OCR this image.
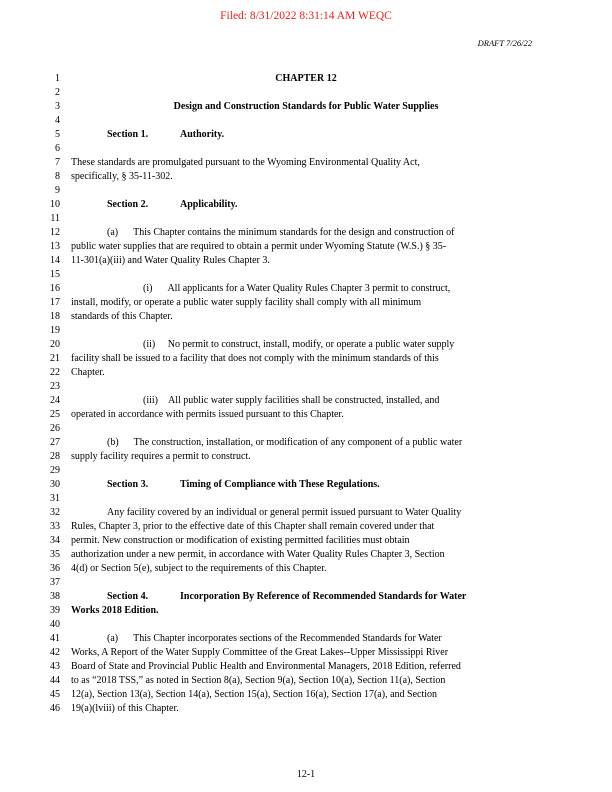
Filed: 8/31/2022 8:31:14 AM WEQC
DRAFT 7/26/22
1
2
3
4
5
6
7
8
9
10
11
12
13
14
15
16
17
18
19
20
21
22
23
24
25
26
27
28
29
30
31
32
33
34
35
36
37
38
39
40
41
42
43
44
45
46
CHAPTER 12
Design and Construction Standards for Public Water Supplies
Section 1.	Authority.
These standards are promulgated pursuant to the Wyoming Environmental Quality Act,
specifically, § 35-11-302.
Section 2.	Applicability.
(a)      This Chapter contains the minimum standards for the design and construction of
public water supplies that are required to obtain a permit under Wyoming Statute (W.S.) § 35-
11-301(a)(iii) and Water Quality Rules Chapter 3.
(i)      All applicants for a Water Quality Rules Chapter 3 permit to construct,
install, modify, or operate a public water supply facility shall comply with all minimum
standards of this Chapter.
(ii)     No permit to construct, install, modify, or operate a public water supply
facility shall be issued to a facility that does not comply with the minimum standards of this
Chapter.
(iii)    All public water supply facilities shall be constructed, installed, and
operated in accordance with permits issued pursuant to this Chapter.
(b)      The construction, installation, or modification of any component of a public water
supply facility requires a permit to construct.
Section 3.	Timing of Compliance with These Regulations.
Any facility covered by an individual or general permit issued pursuant to Water Quality
Rules, Chapter 3, prior to the effective date of this Chapter shall remain covered under that
permit. New construction or modification of existing permitted facilities must obtain
authorization under a new permit, in accordance with Water Quality Rules Chapter 3, Section
4(d) or Section 5(e), subject to the requirements of this Chapter.
Section 4.	Incorporation By Reference of Recommended Standards for Water
Works 2018 Edition.
(a)      This Chapter incorporates sections of the Recommended Standards for Water
Works, A Report of the Water Supply Committee of the Great Lakes--Upper Mississippi River
Board of State and Provincial Public Health and Environmental Managers, 2018 Edition, referred
to as “2018 TSS,” as noted in Section 8(a), Section 9(a), Section 10(a), Section 11(a), Section
12(a), Section 13(a), Section 14(a), Section 15(a), Section 16(a), Section 17(a), and Section
19(a)(lviii) of this Chapter.
12-1
